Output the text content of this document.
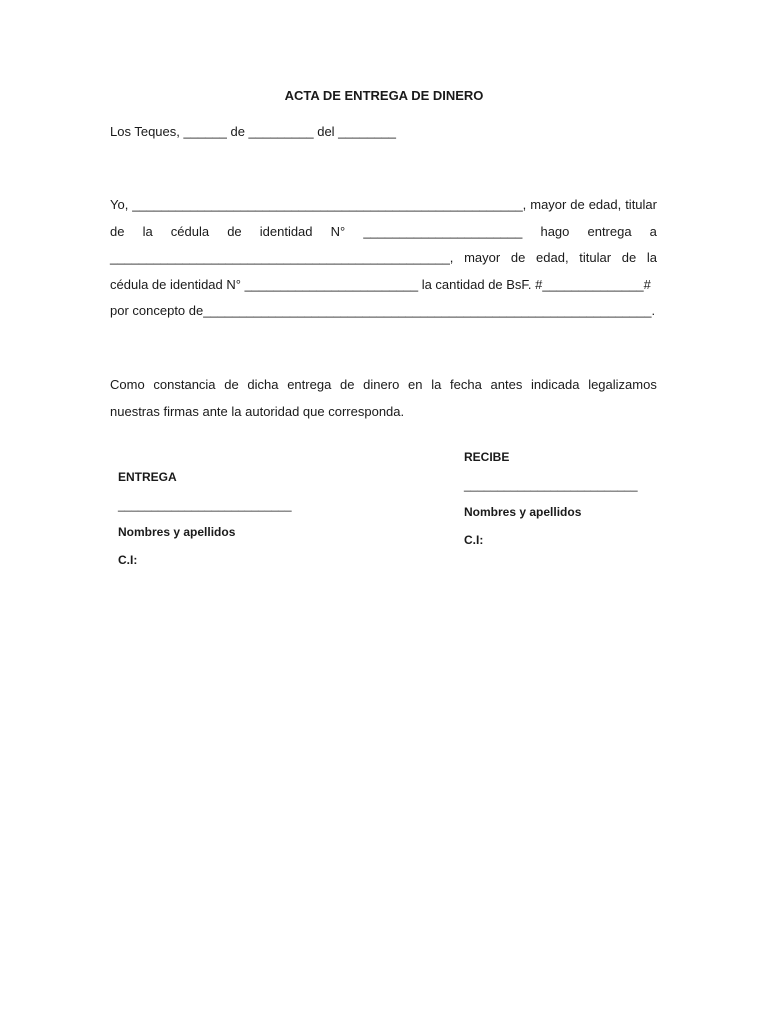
ACTA DE ENTREGA DE DINERO
Los Teques, ______ de _________ del ________
Yo, ______________________________________________________, mayor de edad, titular
de la cédula de identidad N° ______________________ hago entrega a
_______________________________________________, mayor de edad, titular de la
cédula de identidad N° ________________________ la cantidad de BsF. #______________#
por concepto de______________________________________________________________.
Como constancia de dicha entrega de dinero en la fecha antes indicada legalizamos
nuestras firmas ante la autoridad que corresponda.
ENTREGA
__________________________
Nombres y apellidos
C.I:
RECIBE
__________________________
Nombres y apellidos
C.I:
